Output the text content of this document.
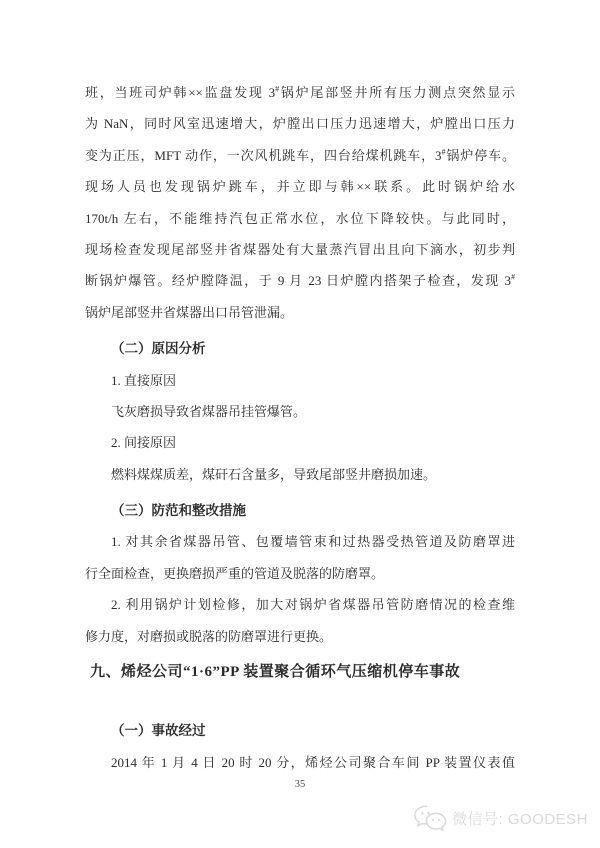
班，当班司炉韩××监盘发现 3#锅炉尾部竖井所有压力测点突然显示
为 NaN，同时风室迅速增大，炉膛出口压力迅速增大，炉膛出口压力
变为正压，MFT 动作，一次风机跳车，四台给煤机跳车，3#锅炉停车。
现场人员也发现锅炉跳车，并立即与韩××联系。此时锅炉给水
170t/h 左右，不能维持汽包正常水位，水位下降较快。与此同时，
现场检查发现尾部竖井省煤器处有大量蒸汽冒出且向下滴水，初步判
断锅炉爆管。经炉膛降温，于 9 月 23 日炉膛内搭架子检查，发现 3#
锅炉尾部竖井省煤器出口吊管泄漏。
（二）原因分析
1. 直接原因
飞灰磨损导致省煤器吊挂管爆管。
2. 间接原因
燃料煤煤质差，煤矸石含量多，导致尾部竖井磨损加速。
（三）防范和整改措施
1. 对其余省煤器吊管、包覆墙管束和过热器受热管道及防磨罩进
行全面检查，更换磨损严重的管道及脱落的防磨罩。
2. 利用锅炉计划检修，加大对锅炉省煤器吊管防磨情况的检查维
修力度，对磨损或脱落的防磨罩进行更换。
九、烯烃公司“1·6”PP 装置聚合循环气压缩机停车事故
（一）事故经过
2014 年 1 月 4 日 20 时 20 分，烯烃公司聚合车间 PP 装置仪表值
35
微信号: GOODESH
